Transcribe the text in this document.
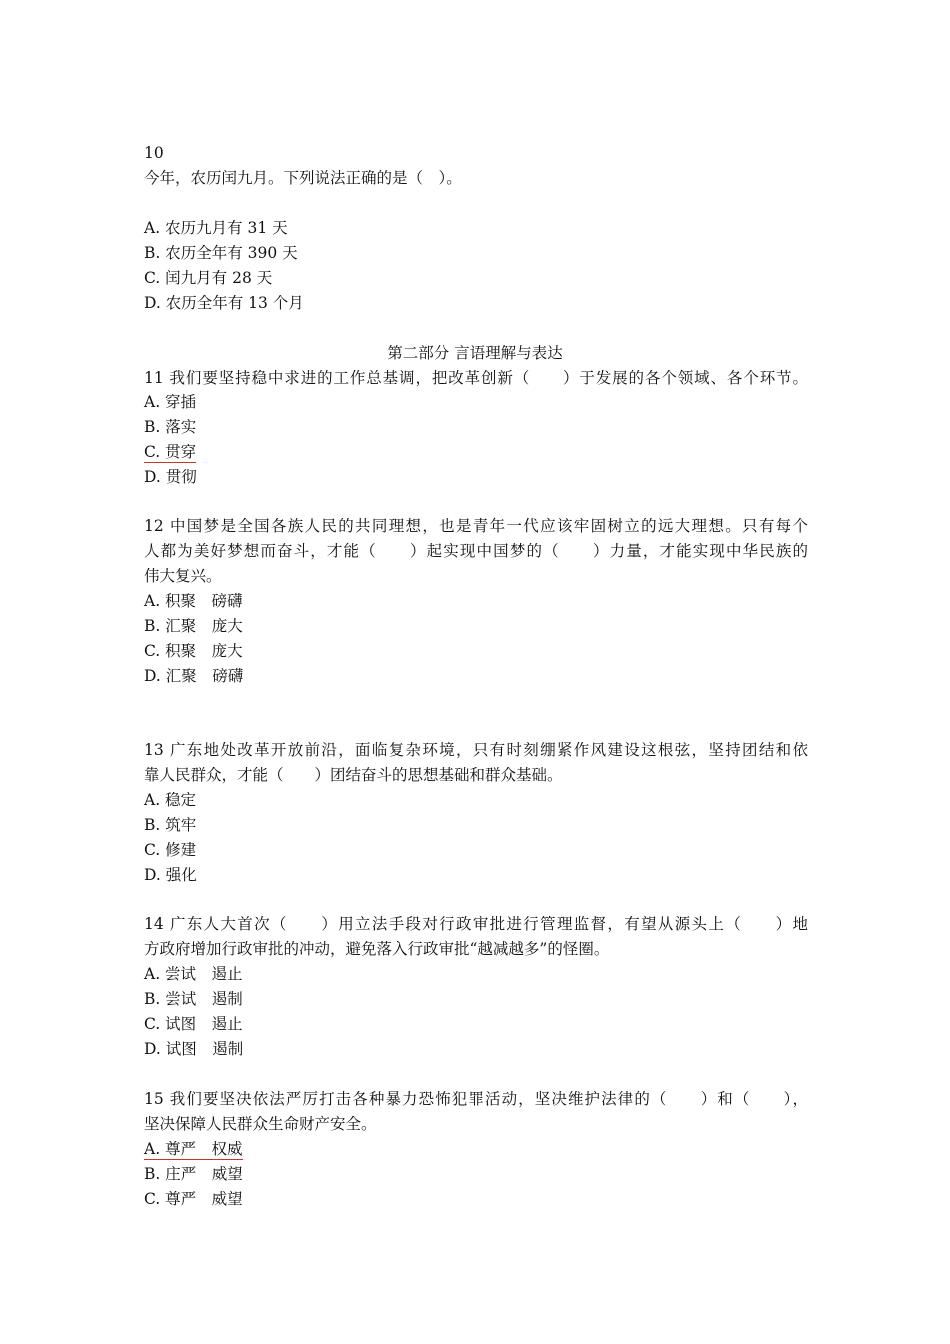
10
今年，农历闰九月。下列说法正确的是（　）。
A. 农历九月有 31 天
B. 农历全年有 390 天
C. 闰九月有 28 天
D. 农历全年有 13 个月
第二部分 言语理解与表达
11 我们要坚持稳中求进的工作总基调，把改革创新（　　）于发展的各个领域、各个环节。
A. 穿插
B. 落实
C. 贯穿
D. 贯彻
12 中国梦是全国各族人民的共同理想，也是青年一代应该牢固树立的远大理想。只有每个
人都为美好梦想而奋斗，才能（　　）起实现中国梦的（　　）力量，才能实现中华民族的
伟大复兴。
A. 积聚　磅礴
B. 汇聚　庞大
C. 积聚　庞大
D. 汇聚　磅礴
13 广东地处改革开放前沿，面临复杂环境，只有时刻绷紧作风建设这根弦，坚持团结和依
靠人民群众，才能（　　）团结奋斗的思想基础和群众基础。
A. 稳定
B. 筑牢
C. 修建
D. 强化
14 广东人大首次（　　）用立法手段对行政审批进行管理监督，有望从源头上（　　）地
方政府增加行政审批的冲动，避免落入行政审批“越减越多”的怪圈。
A. 尝试　遏止
B. 尝试　遏制
C. 试图　遏止
D. 试图　遏制
15 我们要坚决依法严厉打击各种暴力恐怖犯罪活动，坚决维护法律的（　　）和（　　），
坚决保障人民群众生命财产安全。
A. 尊严　权威
B. 庄严　威望
C. 尊严　威望
